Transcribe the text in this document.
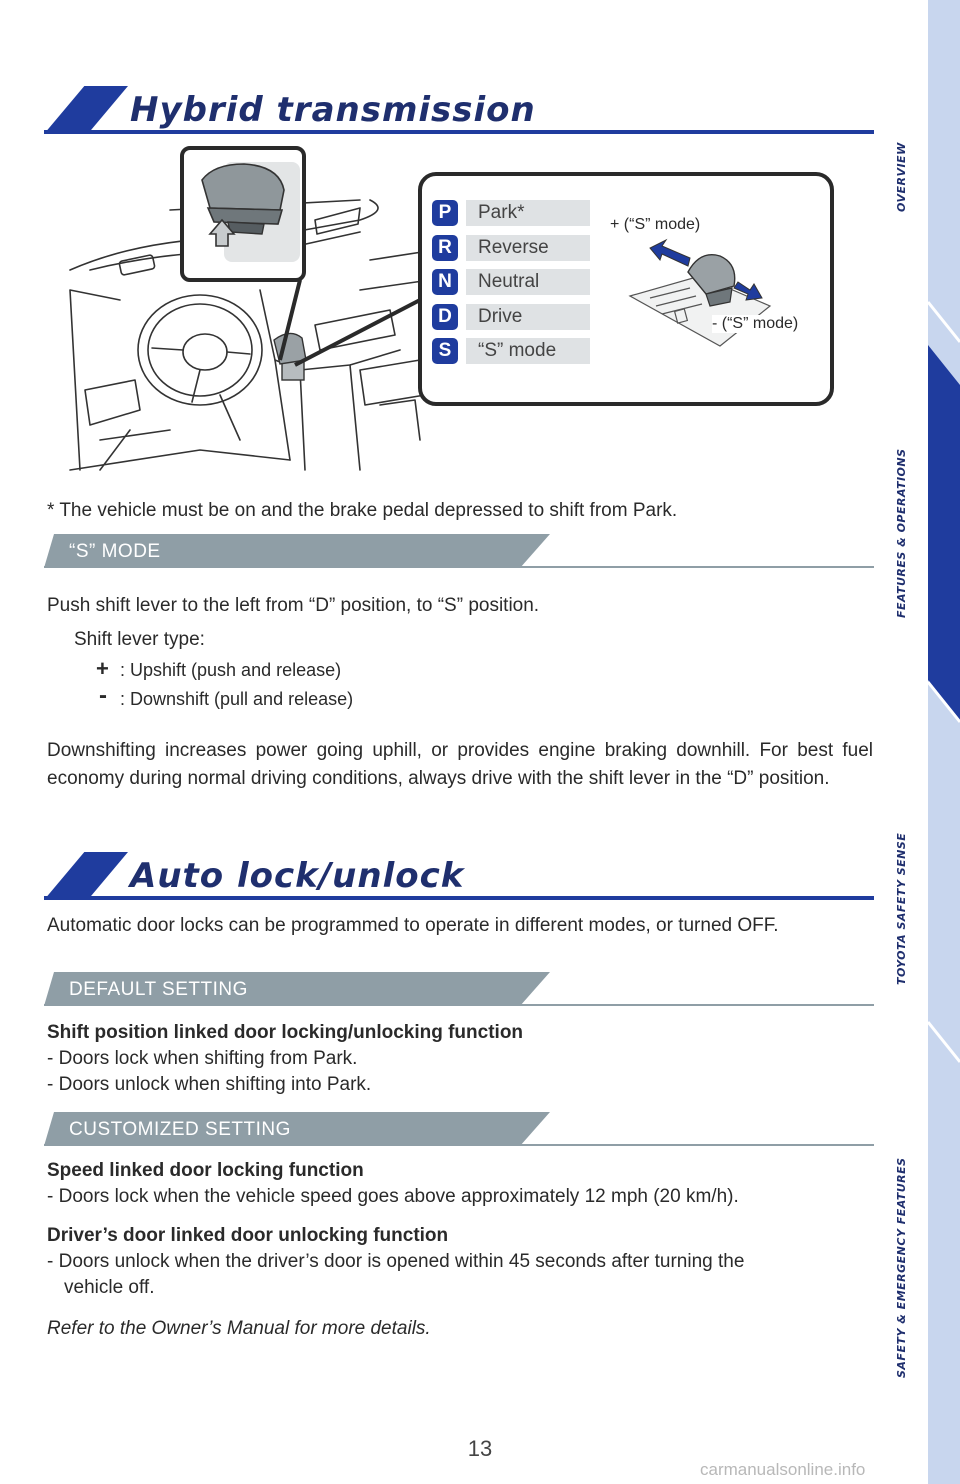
Hybrid transmission
P	Park*
R	Reverse
N	Neutral
D	Drive
S	“S” mode
+ (“S” mode)
- (“S” mode)
* The vehicle must be on and the brake pedal depressed to shift from Park.
“S” MODE
Push shift lever to the left from “D” position, to “S” position.
Shift lever type:
+ : Upshift (push and release)
- : Downshift (pull and release)
Downshifting increases power going uphill, or provides engine braking downhill. For best fuel economy during normal driving conditions, always drive with the shift lever in the “D” position.
Auto lock/unlock
Automatic door locks can be programmed to operate in different modes, or turned OFF.
DEFAULT SETTING
Shift position linked door locking/unlocking function
- Doors lock when shifting from Park.
- Doors unlock when shifting into Park.
CUSTOMIZED SETTING
Speed linked door locking function
- Doors lock when the vehicle speed goes above approximately 12 mph (20 km/h).
Driver’s door linked door unlocking function
- Doors unlock when the driver’s door is opened within 45 seconds after turning the
vehicle off.
Refer to the Owner’s Manual for more details.
13
OVERVIEW
FEATURES & OPERATIONS
TOYOTA SAFETY SENSE
SAFETY & EMERGENCY FEATURES
carmanualsonline.info
